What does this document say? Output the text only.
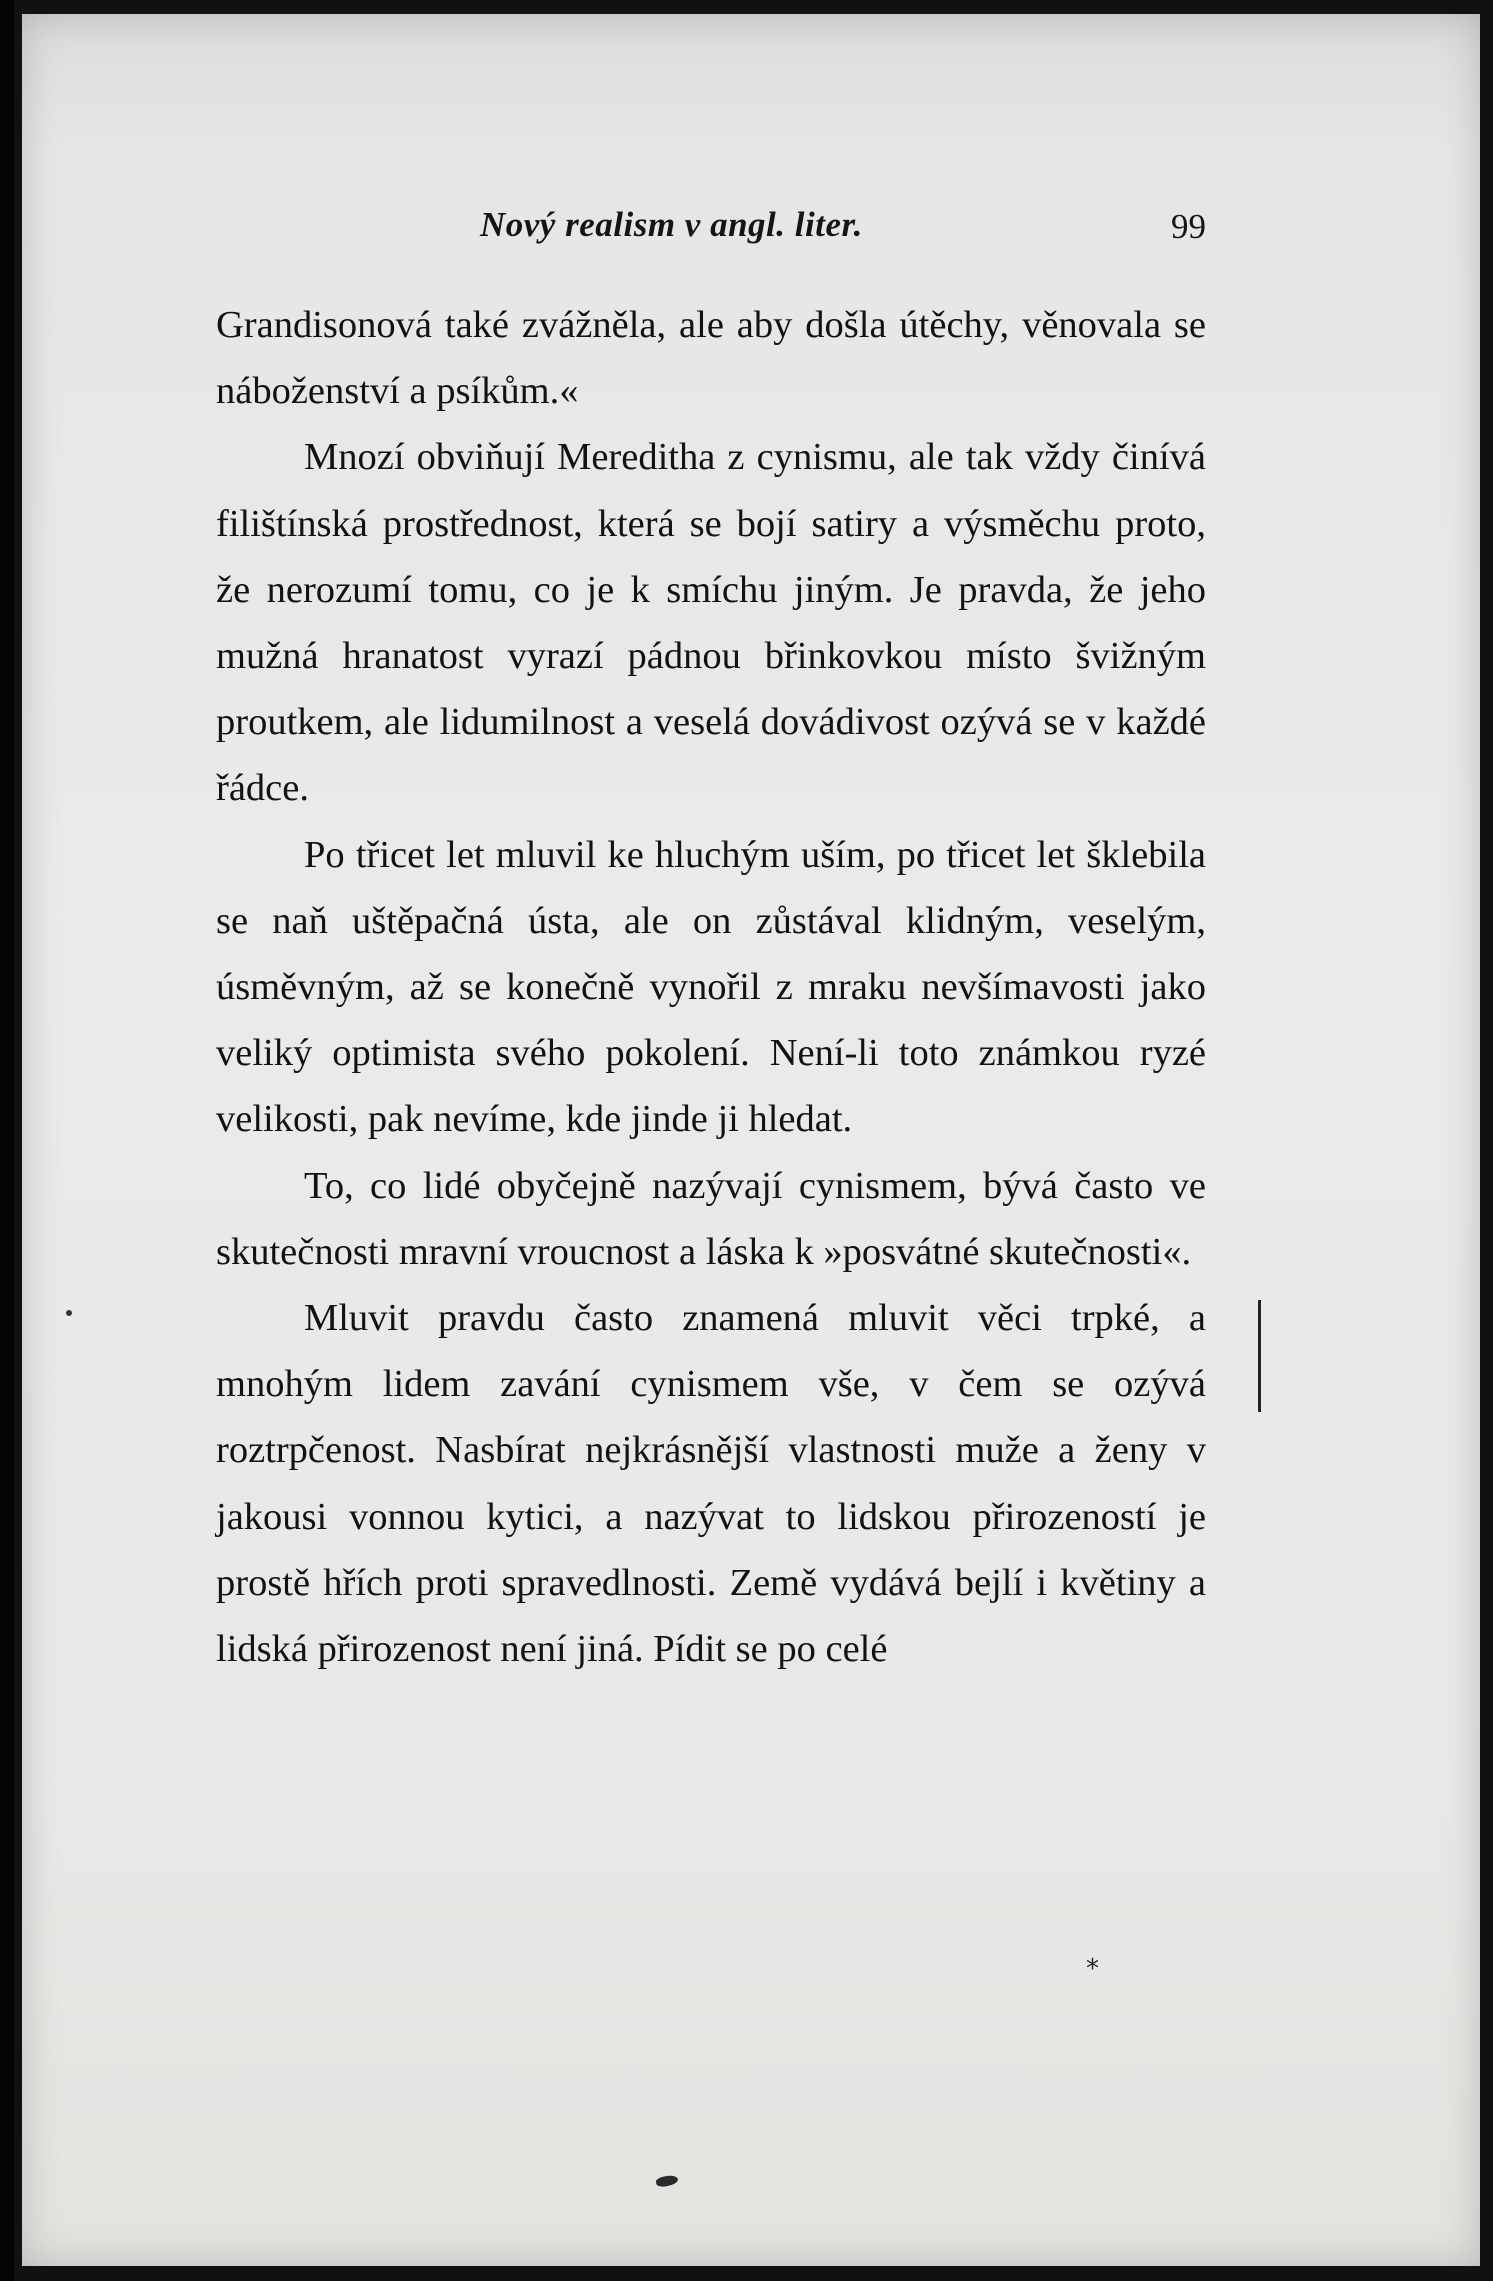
Nový realism v angl. liter.	99

Grandisonová také zvážněla, ale aby došla útěchy, věnovala se náboženství a psíkům.«

Mnozí obviňují Mereditha z cynismu, ale tak vždy činívá filištínská prostřednost, která se bojí satiry a výsměchu proto, že nerozumí tomu, co je k smíchu jiným. Je pravda, že jeho mužná hranatost vyrazí pádnou břinkovkou místo švižným proutkem, ale lidumilnost a veselá dovádivost ozývá se v každé řádce.

Po třicet let mluvil ke hluchým uším, po třicet let šklebila se naň uštěpačná ústa, ale on zůstával klidným, veselým, úsměvným, až se konečně vynořil z mraku nevšímavosti jako veliký optimista svého pokolení. Není-li toto známkou ryzé velikosti, pak nevíme, kde jinde ji hledat.

To, co lidé obyčejně nazývají cynismem, bývá často ve skutečnosti mravní vroucnost a láska k »posvátné skutečnosti«.

Mluvit pravdu často znamená mluvit věci trpké, a mnohým lidem zavání cynismem vše, v čem se ozývá roztrpčenost. Nasbírat nejkrásnější vlastnosti muže a ženy v jakousi vonnou kytici, a nazývat to lidskou přirozeností je prostě hřích proti spravedlnosti. Země vydává bejlí i květiny a lidská přirozenost není jiná. Pídit se po celé

*
